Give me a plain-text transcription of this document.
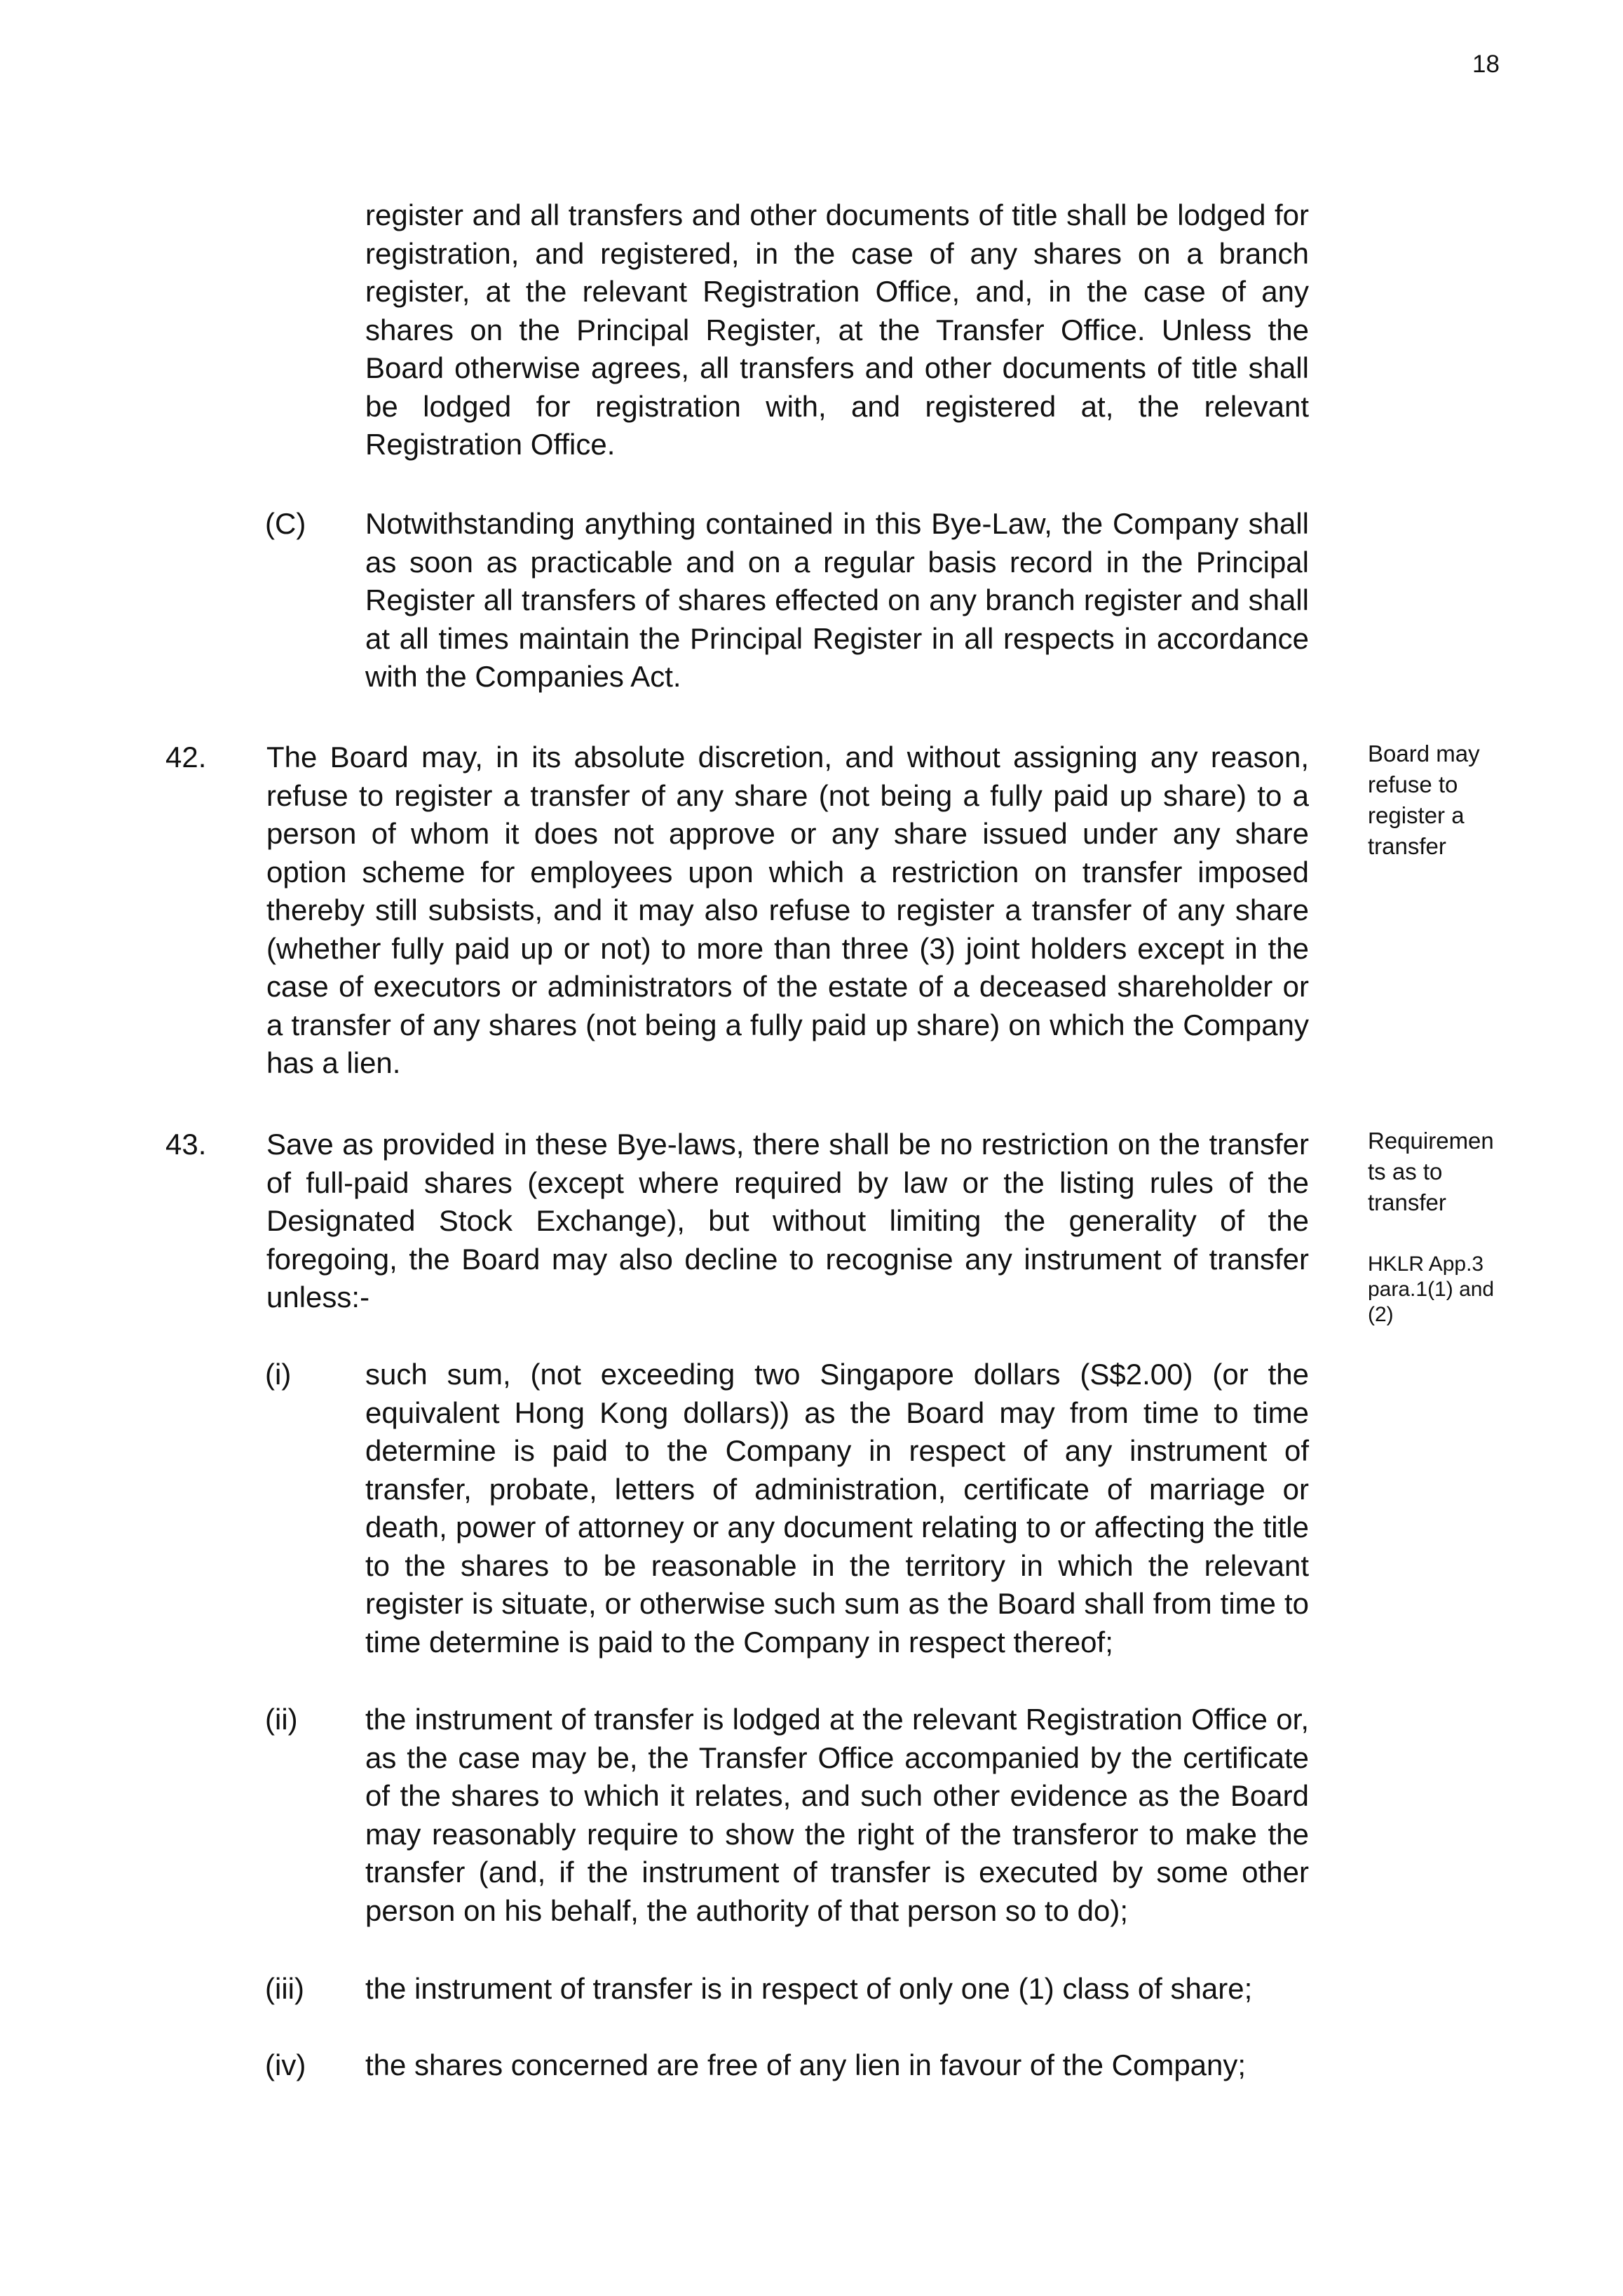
18
register and all transfers and other documents of title shall be lodged for registration, and registered, in the case of any shares on a branch register, at the relevant Registration Office, and, in the case of any shares on the Principal Register, at the Transfer Office. Unless the Board otherwise agrees, all transfers and other documents of title shall be lodged for registration with, and registered at, the relevant Registration Office.
(C) Notwithstanding anything contained in this Bye-Law, the Company shall as soon as practicable and on a regular basis record in the Principal Register all transfers of shares effected on any branch register and shall at all times maintain the Principal Register in all respects in accordance with the Companies Act.
42. The Board may, in its absolute discretion, and without assigning any reason, refuse to register a transfer of any share (not being a fully paid up share) to a person of whom it does not approve or any share issued under any share option scheme for employees upon which a restriction on transfer imposed thereby still subsists, and it may also refuse to register a transfer of any share (whether fully paid up or not) to more than three (3) joint holders except in the case of executors or administrators of the estate of a deceased shareholder or a transfer of any shares (not being a fully paid up share) on which the Company has a lien.
Board may
refuse to
register a
transfer
43. Save as provided in these Bye-laws, there shall be no restriction on the transfer of full-paid shares (except where required by law or the listing rules of the Designated Stock Exchange), but without limiting the generality of the foregoing, the Board may also decline to recognise any instrument of transfer unless:-
Requiremen
ts as to
transfer
HKLR App.3
para.1(1) and
(2)
(i)	such sum, (not exceeding two Singapore dollars (S$2.00) (or the equivalent Hong Kong dollars)) as the Board may from time to time determine is paid to the Company in respect of any instrument of transfer, probate, letters of administration, certificate of marriage or death, power of attorney or any document relating to or affecting the title to the shares to be reasonable in the territory in which the relevant register is situate, or otherwise such sum as the Board shall from time to time determine is paid to the Company in respect thereof;
(ii) the instrument of transfer is lodged at the relevant Registration Office or, as the case may be, the Transfer Office accompanied by the certificate of the shares to which it relates, and such other evidence as the Board may reasonably require to show the right of the transferor to make the transfer (and, if the instrument of transfer is executed by some other person on his behalf, the authority of that person so to do);
(iii) the instrument of transfer is in respect of only one (1) class of share;
(iv) the shares concerned are free of any lien in favour of the Company;
